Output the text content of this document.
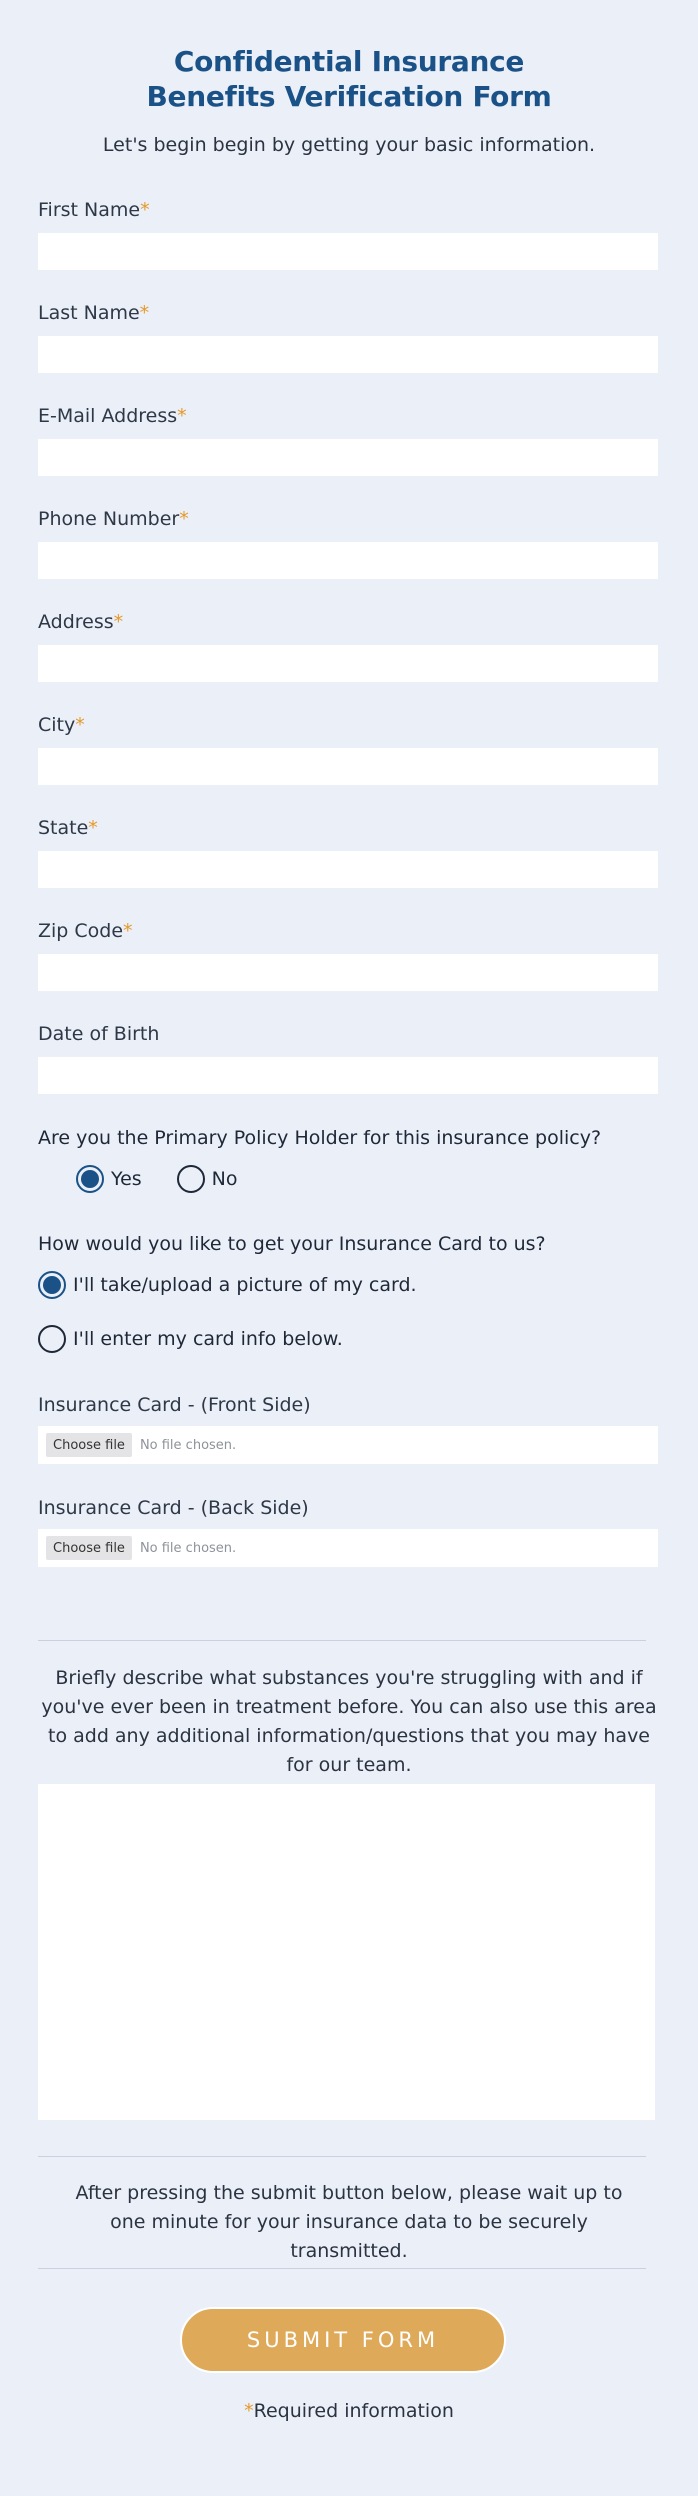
Confidential Insurance
Benefits Verification Form
Let's begin begin by getting your basic information.
First Name*
Last Name*
E-Mail Address*
Phone Number*
Address*
City*
State*
Zip Code*
Date of Birth
Are you the Primary Policy Holder for this insurance policy?
Yes	No
How would you like to get your Insurance Card to us?
I'll take/upload a picture of my card.
I'll enter my card info below.
Insurance Card - (Front Side)
Choose file	No file chosen.
Insurance Card - (Back Side)
Choose file	No file chosen.
Briefly describe what substances you're struggling with and if you've ever been in treatment before. You can also use this area to add any additional information/questions that you may have for our team.
After pressing the submit button below, please wait up to one minute for your insurance data to be securely transmitted.
SUBMIT FORM
*Required information
